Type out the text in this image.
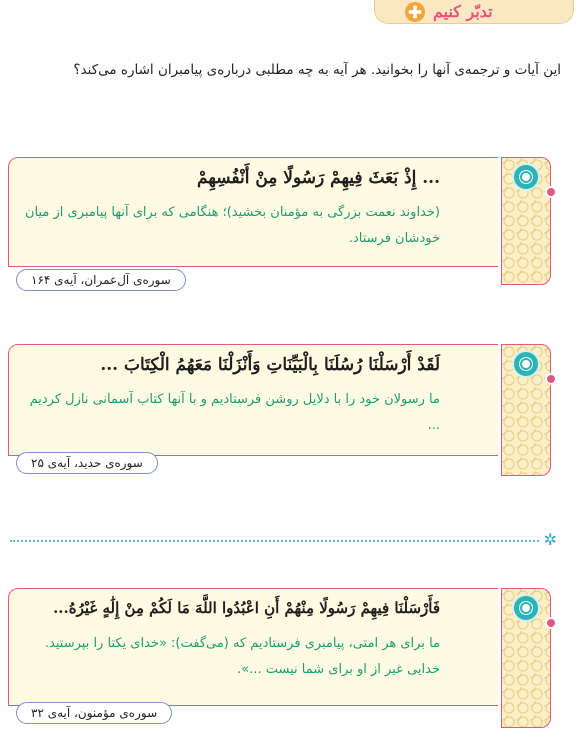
تدبّر کنیم
این آیات و ترجمه‌ی آنها را بخوانید. هر آیه به چه مطلبی درباره‌ی پیامبران اشاره می‌کند؟
... إِذْ بَعَثَ فِيهِمْ رَسُولًا مِنْ أَنْفُسِهِمْ
(خداوند نعمت بزرگی به مؤمنان بخشید)؛ هنگامی که برای آنها پیامبری از میان خودشان فرستاد.
سوره‌ی آل‌عمران، آیه‌ی ۱۶۴
لَقَدْ أَرْسَلْنَا رُسُلَنَا بِالْبَيِّنَاتِ وَأَنْزَلْنَا مَعَهُمُ الْكِتَابَ ...
ما رسولان خود را با دلایل روشن فرستادیم و با آنها کتاب آسمانی نازل کردیم ...
سوره‌ی حدید، آیه‌ی ۲۵
✲
فَأَرْسَلْنَا فِيهِمْ رَسُولًا مِنْهُمْ أَنِ اعْبُدُوا اللَّهَ مَا لَكُمْ مِنْ إِلَٰهٍ غَيْرُهُ...
ما برای هر امتی، پیامبری فرستادیم که (می‌گفت): «خدای یکتا را بپرستید. خدایی غیر از او برای شما نیست ...».
سوره‌ی مؤمنون، آیه‌ی ۳۲
